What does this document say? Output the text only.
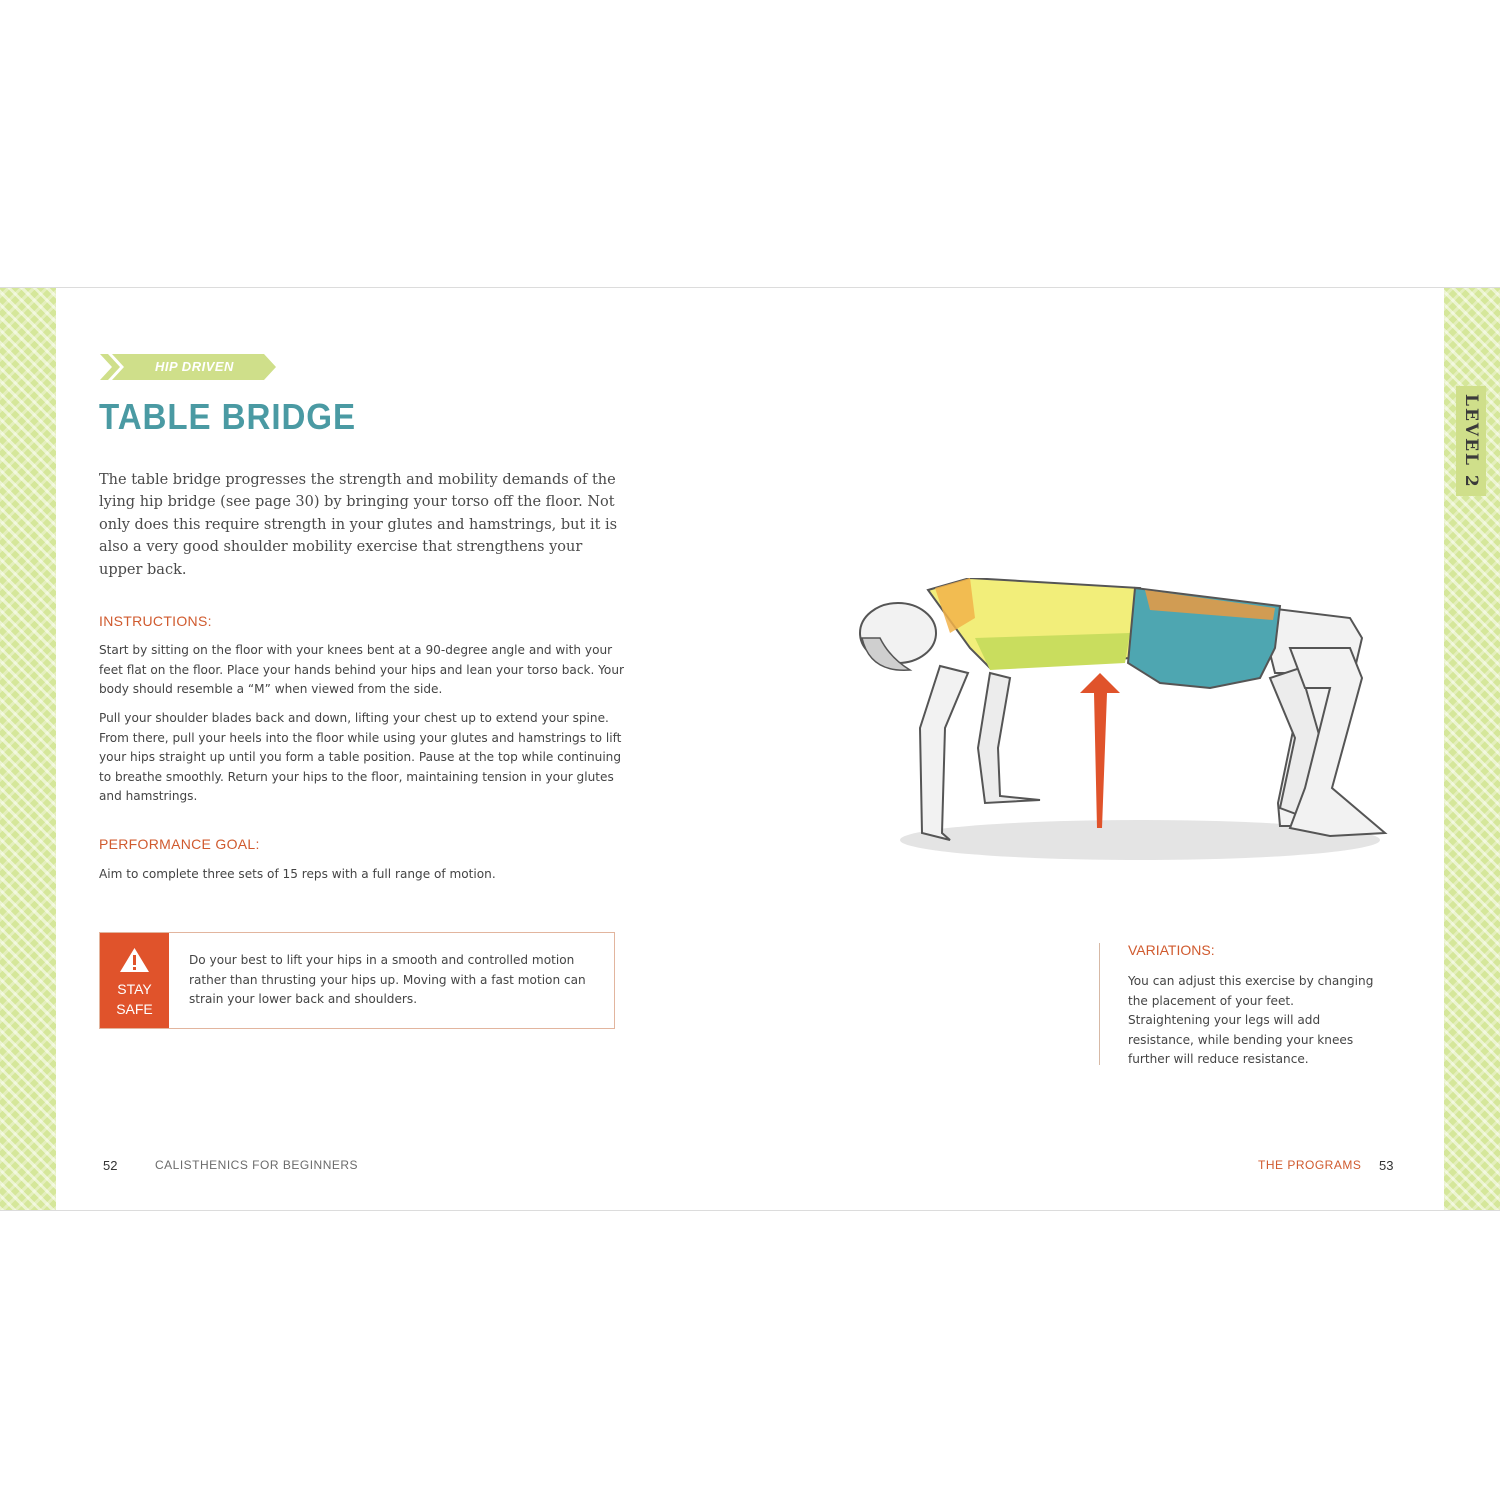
LEVEL 2
HIP DRIVEN
TABLE BRIDGE
The table bridge progresses the strength and mobility demands of the lying hip bridge (see page 30) by bringing your torso off the floor. Not only does this require strength in your glutes and hamstrings, but it is also a very good shoulder mobility exercise that strengthens your upper back.
INSTRUCTIONS:

Start by sitting on the floor with your knees bent at a 90-degree angle and with your feet flat on the floor. Place your hands behind your hips and lean your torso back. Your body should resemble a “M” when viewed from the side.

Pull your shoulder blades back and down, lifting your chest up to extend your spine. From there, pull your heels into the floor while using your glutes and hamstrings to lift your hips straight up until you form a table position. Pause at the top while continuing to breathe smoothly. Return your hips to the floor, maintaining tension in your glutes and hamstrings.

PERFORMANCE GOAL:

Aim to complete three sets of 15 reps with a full range of motion.

STAY
SAFE
Do your best to lift your hips in a smooth and controlled motion rather than thrusting your hips up. Moving with a fast motion can strain your lower back and shoulders.
52	CALISTHENICS FOR BEGINNERS
VARIATIONS:
You can adjust this exercise by changing the placement of your feet. Straightening your legs will add resistance, while bending your knees further will reduce resistance.
THE PROGRAMS 53
